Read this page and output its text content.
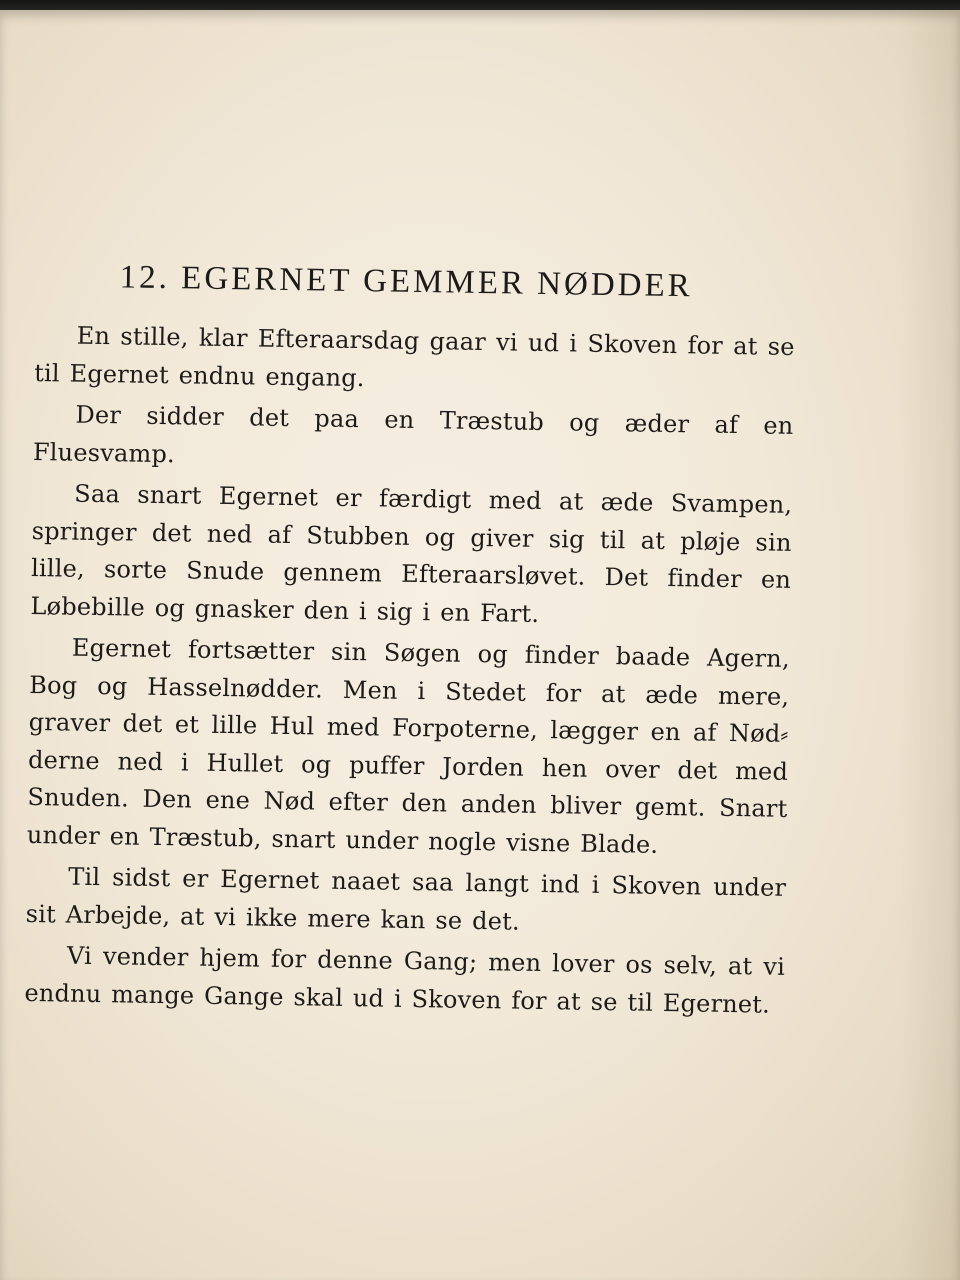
12. EGERNET GEMMER NØDDER

En stille, klar Efteraarsdag gaar vi ud i Skoven for at se til Egernet endnu engang.

Der sidder det paa en Træstub og æder af en Fluesvamp.

Saa snart Egernet er færdigt med at æde Svampen, springer det ned af Stubben og giver sig til at pløje sin lille, sorte Snude gennem Efteraarsløvet. Det finder en Løbebille og gnasker den i sig i en Fart.

Egernet fortsætter sin Søgen og finder baade Agern, Bog og Hasselnødder. Men i Stedet for at æde mere, graver det et lille Hul med Forpoterne, lægger en af Nød⸗derne ned i Hullet og puffer Jorden hen over det med Snuden. Den ene Nød efter den anden bliver gemt. Snart under en Træstub, snart under nogle visne Blade.

Til sidst er Egernet naaet saa langt ind i Skoven under sit Arbejde, at vi ikke mere kan se det.

Vi vender hjem for denne Gang; men lover os selv, at vi endnu mange Gange skal ud i Skoven for at se til Egernet.
